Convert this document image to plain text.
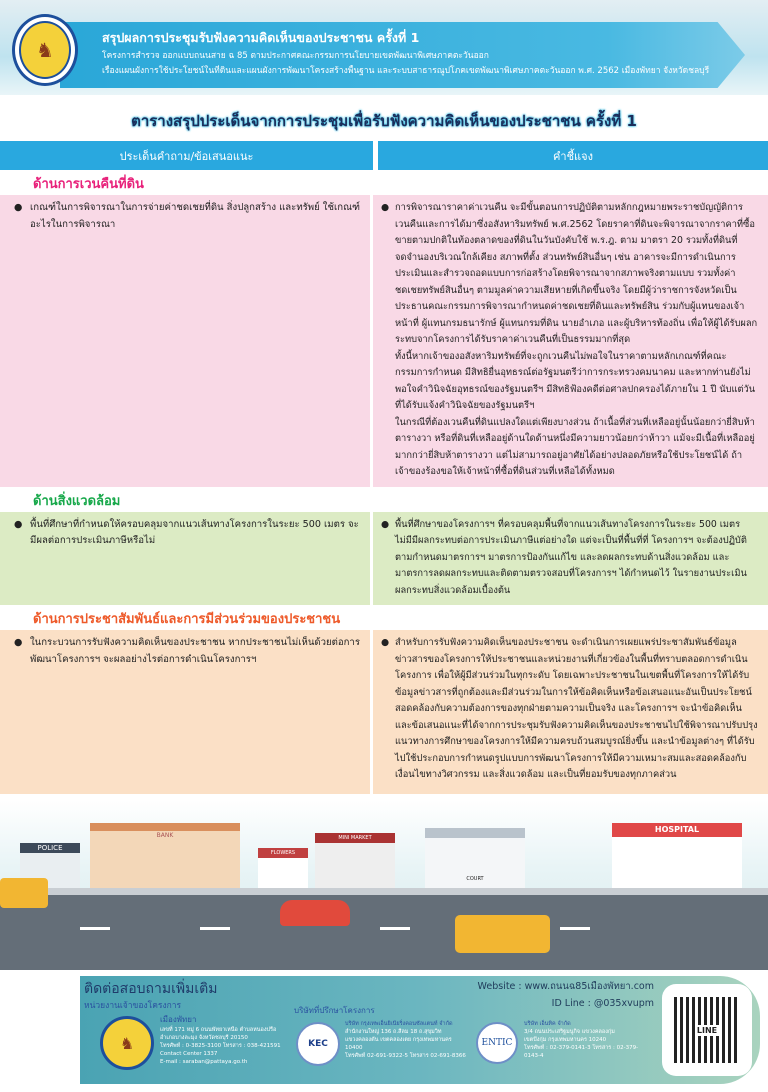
♞
สรุปผลการประชุมรับฟังความคิดเห็นของประชาชน ครั้งที่ 1
โครงการสำรวจ ออกแบบถนนสาย ฉ 85 ตามประกาศคณะกรรมการนโยบายเขตพัฒนาพิเศษภาคตะวันออก
เรื่องแผนผังการใช้ประโยชน์ในที่ดินและแผนผังการพัฒนาโครงสร้างพื้นฐาน และระบบสาธารณูปโภคเขตพัฒนาพิเศษภาคตะวันออก พ.ศ. 2562 เมืองพัทยา จังหวัดชลบุรี
ตารางสรุปประเด็นจากการประชุมเพื่อรับฟังความคิดเห็นของประชาชน ครั้งที่ 1
ประเด็นคำถาม/ข้อเสนอแนะ	คำชี้แจง
ด้านการเวนคืนที่ดิน
● เกณฑ์ในการพิจารณาในการจ่ายค่าชดเชยที่ดิน สิ่งปลูกสร้าง และทรัพย์ ใช้เกณฑ์อะไรในการพิจารณา
● การพิจารณาราคาค่าเวนคืน จะมีขั้นตอนการปฏิบัติตามหลักกฎหมายพระราชบัญญัติการเวนคืนและการได้มาซึ่งอสังหาริมทรัพย์ พ.ศ.2562 โดยราคาที่ดินจะพิจารณาจากราคาที่ซื้อขายตามปกติในท้องตลาดของที่ดินในวันบังคับใช้ พ.ร.ฎ. ตาม มาตรา 20 รวมทั้งที่ดินที่จดจำนองบริเวณใกล้เคียง สภาพที่ตั้ง ส่วนทรัพย์สินอื่นๆ เช่น อาคารจะมีการดำเนินการประเมินและสำรวจถอดแบบการก่อสร้างโดยพิจารณาจากสภาพจริงตามแบบ รวมทั้งค่าชดเชยทรัพย์สินอื่นๆ ตามมูลค่าความเสียหายที่เกิดขึ้นจริง โดยมีผู้ว่าราชการจังหวัดเป็นประธานคณะกรรมการพิจารณากำหนดค่าชดเชยที่ดินและทรัพย์สิน ร่วมกับผู้แทนของเจ้าหน้าที่ ผู้แทนกรมธนารักษ์ ผู้แทนกรมที่ดิน นายอำเภอ และผู้บริหารท้องถิ่น เพื่อให้ผู้ได้รับผลกระทบจากโครงการได้รับราคาค่าเวนคืนที่เป็นธรรมมากที่สุด
ทั้งนี้หากเจ้าของอสังหาริมทรัพย์ที่จะถูกเวนคืนไม่พอใจในราคาตามหลักเกณฑ์ที่คณะกรรมการกำหนด มีสิทธิยื่นอุทธรณ์ต่อรัฐมนตรีว่าการกระทรวงคมนาคม และหากท่านยังไม่พอใจคำวินิจฉัยอุทธรณ์ของรัฐมนตรีฯ มีสิทธิฟ้องคดีต่อศาลปกครองได้ภายใน 1 ปี นับแต่วันที่ได้รับแจ้งคำวินิจฉัยของรัฐมนตรีฯ
ในกรณีที่ต้องเวนคืนที่ดินแปลงใดแต่เพียงบางส่วน ถ้าเนื้อที่ส่วนที่เหลืออยู่นั้นน้อยกว่ายี่สิบห้าตารางวา หรือที่ดินที่เหลืออยู่ด้านใดด้านหนึ่งมีความยาวน้อยกว่าห้าวา แม้จะมีเนื้อที่เหลืออยู่มากกว่ายี่สิบห้าตารางวา แต่ไม่สามารถอยู่อาศัยได้อย่างปลอดภัยหรือใช้ประโยชน์ได้ ถ้าเจ้าของร้องขอให้เจ้าหน้าที่ซื้อที่ดินส่วนที่เหลือได้ทั้งหมด
ด้านสิ่งแวดล้อม
● พื้นที่ศึกษาที่กำหนดให้ครอบคลุมจากแนวเส้นทางโครงการในระยะ 500 เมตร จะมีผลต่อการประเมินภาษีหรือไม่
● พื้นที่ศึกษาของโครงการฯ ที่ครอบคลุมพื้นที่จากแนวเส้นทางโครงการในระยะ 500 เมตร ไม่มีมีผลกระทบต่อการประเมินภาษีแต่อย่างใด แต่จะเป็นที่พื้นที่ที่ โครงการฯ จะต้องปฏิบัติตามกำหนดมาตรการฯ มาตรการป้องกันแก้ไข และลดผลกระทบด้านสิ่งแวดล้อม และมาตรการลดผลกระทบและติดตามตรวจสอบที่โครงการฯ ได้กำหนดไว้ ในรายงานประเมินผลกระทบสิ่งแวดล้อมเบื้องต้น
ด้านการประชาสัมพันธ์และการมีส่วนร่วมของประชาชน
● ในกระบวนการรับฟังความคิดเห็นของประชาชน หากประชาชนไม่เห็นด้วยต่อการพัฒนาโครงการฯ จะผลอย่างไรต่อการดำเนินโครงการฯ
● สำหรับการรับฟังความคิดเห็นของประชาชน จะดำเนินการเผยแพร่ประชาสัมพันธ์ข้อมูลข่าวสารของโครงการให้ประชาชนและหน่วยงานที่เกี่ยวข้องในพื้นที่ทราบตลอดการดำเนินโครงการ เพื่อให้ผู้มีส่วนร่วมในทุกระดับ โดยเฉพาะประชาชนในเขตพื้นที่โครงการให้ได้รับข้อมูลข่าวสารที่ถูกต้องและมีส่วนร่วมในการให้ข้อคิดเห็นหรือข้อเสนอแนะอันเป็นประโยชน์ สอดคล้องกับความต้องการของทุกฝ่ายตามความเป็นจริง และโครงการฯ จะนำข้อคิดเห็นและข้อเสนอแนะที่ได้จากการประชุมรับฟังความคิดเห็นของประชาชนไปใช้พิจารณาปรับปรุงแนวทางการศึกษาของโครงการให้มีความครบถ้วนสมบูรณ์ยิ่งขึ้น และนำข้อมูลต่างๆ ที่ได้รับไปใช้ประกอบการกำหนดรูปแบบการพัฒนาโครงการให้มีความเหมาะสมและสอดคล้องกับเงื่อนไขทางวิศวกรรม และสิ่งแวดล้อม และเป็นที่ยอมรับของทุกภาคส่วน
POLICE
BANK
FLOWERS
MINI MARKET
COURT
HOSPITAL
ติดต่อสอบถามเพิ่มเติม
หน่วยงานเจ้าของโครงการ
♞
เมืองพัทยา
เลขที่ 171 หมู่ 6 ถนนพัทยาเหนือ ตำบลหนองปรือ
อำเภอบางละมุง จังหวัดชลบุรี 20150
โทรศัพท์ : 0-3825-3100 โทรสาร : 038-421591
Contact Center 1337
E-mail : saraban@pattaya.go.th
บริษัทที่ปรึกษาโครงการ
KEC
บริษัท กรุงเทพเอ็นยิเนียริ่งคอนซัลแตนท์ จำกัด
สำนักงานใหญ่ 136 ถ.สีลม 18 ถ.สุขุมวิท
แขวงคลองตัน เขตคลองเตย กรุงเทพมหานคร 10400
โทรศัพท์ 02-691-9322-5 โทรสาร 02-691-8366
ENTIC
บริษัท เอ็นทิค จำกัด
3/4 ถนนประเสริฐมนูกิจ แขวงคลองกุ่ม
เขตบึงกุ่ม กรุงเทพมหานคร 10240
โทรศัพท์ : 02-379-0141-3 โทรสาร : 02-379-0143-4
Website : www.ถนนฉ85เมืองพัทยา.com
ID Line : @035xvupm
LINE
